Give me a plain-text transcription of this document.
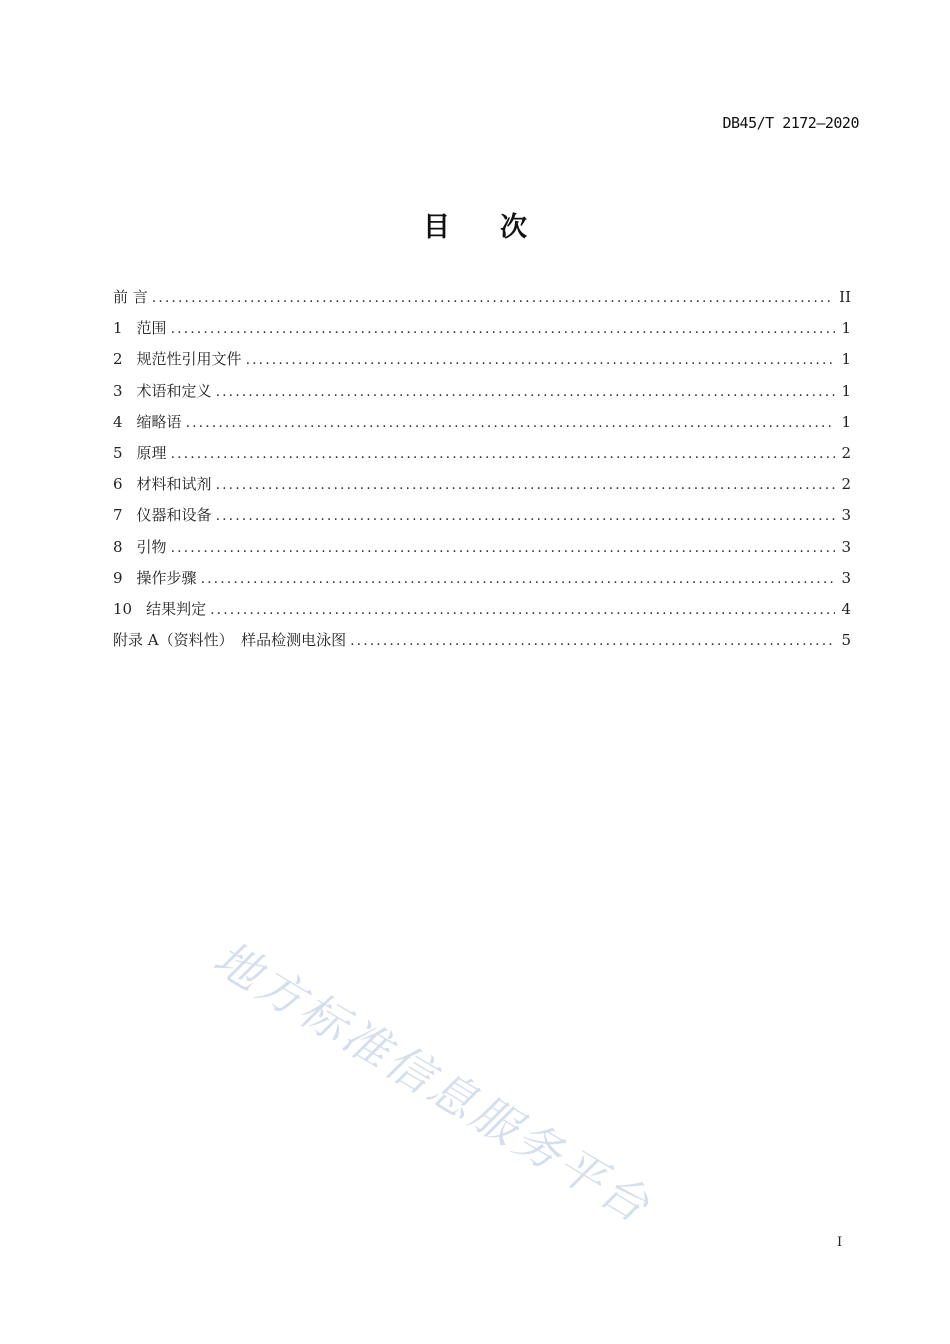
DB45/T 2172—2020
目 次
前 言 .....	II
1 范围 .....	1
2 规范性引用文件 .....	1
3 术语和定义 .....	1
4 缩略语 .....	1
5 原理 .....	2
6 材料和试剂 .....	2
7 仪器和设备 .....	3
8 引物 .....	3
9 操作步骤 .....	3
10 结果判定 .....	4
附录 A（资料性）　样品检测电泳图 .....	5
地方标准信息服务平台
I
